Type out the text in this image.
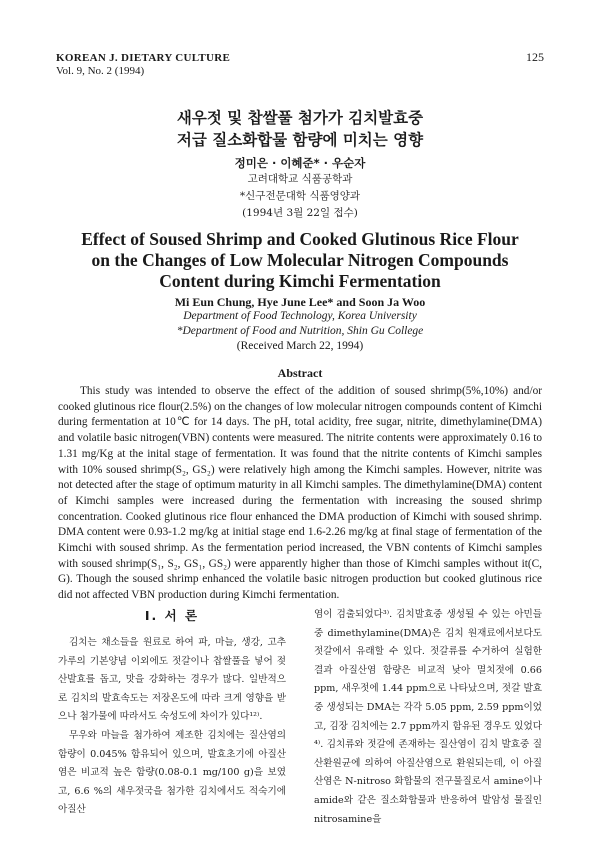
KOREAN J. DIETARY CULTURE
Vol. 9, No. 2 (1994)
125
새우젓 및 찹쌀풀 첨가가 김치발효중
저급 질소화합물 함량에 미치는 영향
정미은 · 이혜준* · 우순자
고려대학교 식품공학과
*신구전문대학 식품영양과
(1994년 3월 22일 접수)
Effect of Soused Shrimp and Cooked Glutinous Rice Flour
on the Changes of Low Molecular Nitrogen Compounds
Content during Kimchi Fermentation
Mi Eun Chung, Hye June Lee* and Soon Ja Woo
Department of Food Technology, Korea University
*Department of Food and Nutrition, Shin Gu College
(Received March 22, 1994)
Abstract

This study was intended to observe the effect of the addition of soused shrimp(5%,10%) and/or cooked glutinous rice flour(2.5%) on the changes of low molecular nitrogen compounds content of Kimchi during fermentation at 10℃ for 14 days. The pH, total acidity, free sugar, nitrite, dimethylamine(DMA) and volatile basic nitrogen(VBN) contents were measured. The nitrite contents were approximately 0.16 to 1.31 mg/Kg at the inital stage of fermentation. It was found that the nitrite contents of Kimchi samples with 10% soused shrimp(S₂, GS₂) were relatively high among the Kimchi samples. However, nitrite was not detected after the stage of optimum maturity in all Kimchi samples. The dimethylamine(DMA) content of Kimchi samples were increased during the fermentation with increasing the soused shrimp concentration. Cooked glutinous rice flour enhanced the DMA production of Kimchi with soused shrimp. DMA content were 0.93-1.2 mg/kg at initial stage end 1.6-2.26 mg/kg at final stage of fermentation of the Kimchi with soused shrimp. As the fermentation period increased, the VBN contents of Kimchi samples with soused shrimp(S₁, S₂, GS₁, GS₂) were apparently higher than those of Kimchi samples without it(C, G). Though the soused shrimp enhanced the volatile basic nitrogen production but cooked glutinous rice did not affected VBN production during Kimchi fermentation.

I. 서 론

김치는 채소들을 원료로 하여 파, 마늘, 생강, 고추 가루의 기본양념 이외에도 젓갈이나 찹쌀풀을 넣어 젖산발효를 돕고, 맛을 강화하는 경우가 많다. 일반적으로 김치의 발효속도는 저장온도에 따라 크게 영향을 받으나 첨가물에 따라서도 숙성도에 차이가 있다¹²⁾.

무우와 마늘을 첨가하여 제조한 김치에는 질산염의 함량이 0.045% 함유되어 있으며, 발효초기에 아질산염은 비교적 높은 함량(0.08-0.1 mg/100 g)을 보였고, 6.6 %의 새우젓국을 첨가한 김치에서도 적숙기에 아질산

염이 검출되었다³⁾. 김치발효중 생성될 수 있는 아민들 중 dimethylamine(DMA)은 김치 원재료에서보다도 젓갈에서 유래할 수 있다. 젓갈류를 수거하여 실험한 결과 아질산염 함량은 비교적 낮아 멸치젓에 0.66 ppm, 새우젓에 1.44 ppm으로 나타났으며, 젓갈 발효중 생성되는 DMA는 각각 5.05 ppm, 2.59 ppm이었고, 김장 김치에는 2.7 ppm까지 함유된 경우도 있었다⁴⁾. 김치류와 젓갈에 존재하는 질산염이 김치 발효중 질산환원균에 의하여 아질산염으로 환원되는데, 이 아질산염은 N-nitroso 화합물의 전구물질로서 amine이나 amide와 같은 질소화합물과 반응하여 발암성 물질인 nitrosamine을
